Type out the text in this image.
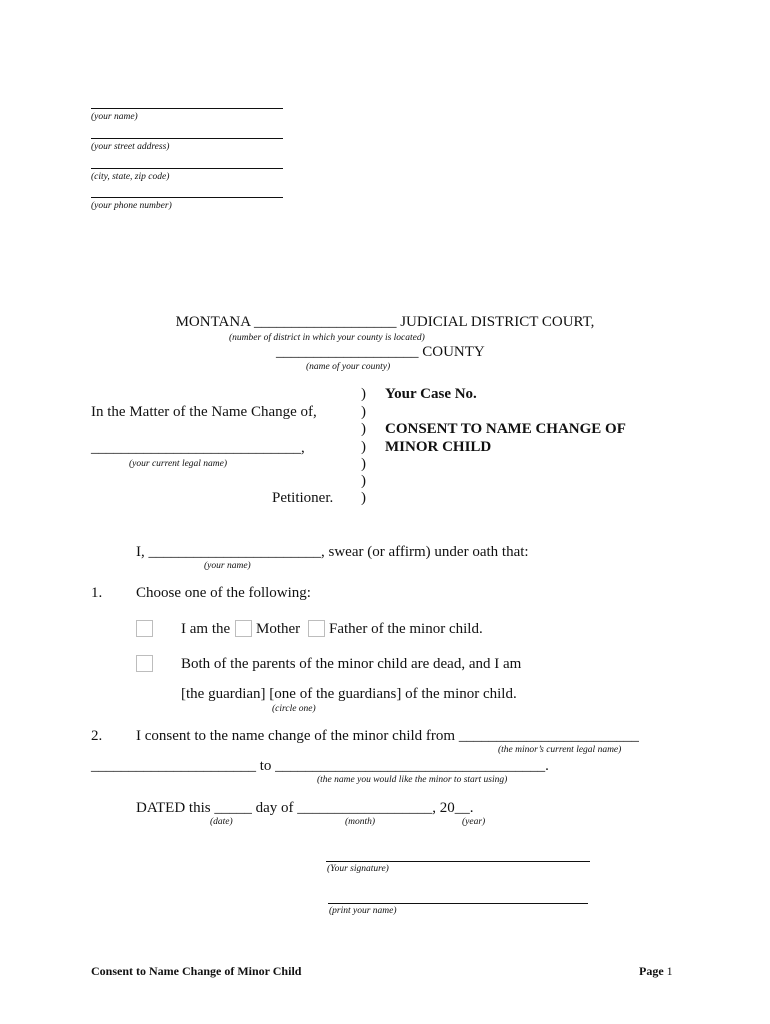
(your name)
(your street address)
(city, state, zip code)
(your phone number)
MONTANA ___________________ JUDICIAL DISTRICT COURT,
(number of district in which your county is located)
___________________ COUNTY
(name of your county)
)
)
)
)
)
)
)
Your Case No.
CONSENT TO NAME CHANGE OF
MINOR CHILD
In the Matter of the Name Change of,
____________________________,
(your current legal name)
Petitioner.
I, _______________________, swear (or affirm) under oath that:
(your name)
1. Choose one of the following:
I am the Mother Father of the minor child.
Both of the parents of the minor child are dead, and I am
[the guardian] [one of the guardians] of the minor child.
(circle one)
2. I consent to the name change of the minor child from ________________________
(the minor’s current legal name)
______________________ to ____________________________________.
(the name you would like the minor to start using)
DATED this _____ day of __________________, 20__.
(date)	(month)	(year)
(Your signature)
(print your name)
Consent to Name Change of Minor Child	Page 1
